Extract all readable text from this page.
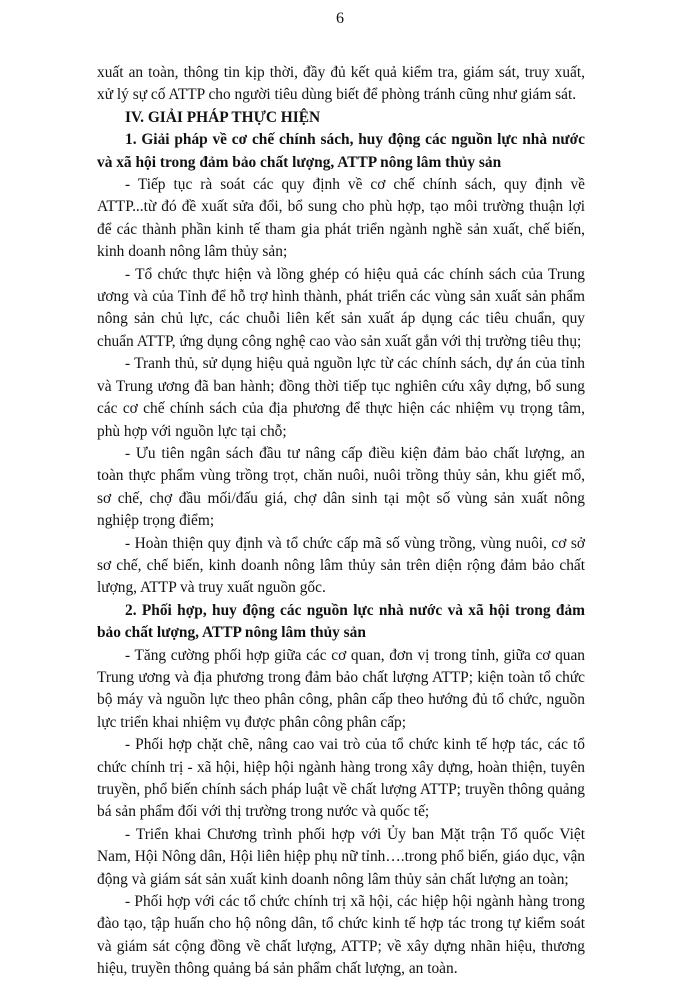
6

xuất an toàn, thông tin kịp thời, đầy đủ kết quả kiểm tra, giám sát, truy xuất, xử lý sự cố ATTP cho người tiêu dùng biết để phòng tránh cũng như giám sát.

IV. GIẢI PHÁP THỰC HIỆN

1. Giải pháp về cơ chế chính sách, huy động các nguồn lực nhà nước và xã hội trong đảm bảo chất lượng, ATTP nông lâm thủy sản

- Tiếp tục rà soát các quy định về cơ chế chính sách, quy định về ATTP...từ đó đề xuất sửa đổi, bổ sung cho phù hợp, tạo môi trường thuận lợi để các thành phần kinh tế tham gia phát triển ngành nghề sản xuất, chế biến, kinh doanh nông lâm thủy sản;

- Tổ chức thực hiện và lồng ghép có hiệu quả các chính sách của Trung ương và của Tỉnh để hỗ trợ hình thành, phát triển các vùng sản xuất sản phẩm nông sản chủ lực, các chuỗi liên kết sản xuất áp dụng các tiêu chuẩn, quy chuẩn ATTP, ứng dụng công nghệ cao vào sản xuất gắn với thị trường tiêu thụ;

- Tranh thủ, sử dụng hiệu quả nguồn lực từ các chính sách, dự án của tỉnh và Trung ương đã ban hành; đồng thời tiếp tục nghiên cứu xây dựng, bổ sung các cơ chế chính sách của địa phương để thực hiện các nhiệm vụ trọng tâm, phù hợp với nguồn lực tại chỗ;

- Ưu tiên ngân sách đầu tư nâng cấp điều kiện đảm bảo chất lượng, an toàn thực phẩm vùng trồng trọt, chăn nuôi, nuôi trồng thủy sản, khu giết mổ, sơ chế, chợ đầu mối/đấu giá, chợ dân sinh tại một số vùng sản xuất nông nghiệp trọng điểm;

- Hoàn thiện quy định và tổ chức cấp mã số vùng trồng, vùng nuôi, cơ sở sơ chế, chế biến, kinh doanh nông lâm thủy sản trên diện rộng đảm bảo chất lượng, ATTP và truy xuất nguồn gốc.

2. Phối hợp, huy động các nguồn lực nhà nước và xã hội trong đảm bảo chất lượng, ATTP nông lâm thủy sản

- Tăng cường phối hợp giữa các cơ quan, đơn vị trong tỉnh, giữa cơ quan Trung ương và địa phương trong đảm bảo chất lượng ATTP; kiện toàn tổ chức bộ máy và nguồn lực theo phân công, phân cấp theo hướng đủ tổ chức, nguồn lực triển khai nhiệm vụ được phân công phân cấp;

- Phối hợp chặt chẽ, nâng cao vai trò của tổ chức kinh tế hợp tác, các tổ chức chính trị - xã hội, hiệp hội ngành hàng trong xây dựng, hoàn thiện, tuyên truyền, phổ biến chính sách pháp luật về chất lượng ATTP; truyền thông quảng bá sản phẩm đối với thị trường trong nước và quốc tế;

- Triển khai Chương trình phối hợp với Ủy ban Mặt trận Tổ quốc Việt Nam, Hội Nông dân, Hội liên hiệp phụ nữ tỉnh….trong phổ biến, giáo dục, vận động và giám sát sản xuất kinh doanh nông lâm thủy sản chất lượng an toàn;

- Phối hợp với các tổ chức chính trị xã hội, các hiệp hội ngành hàng trong đào tạo, tập huấn cho hộ nông dân, tổ chức kinh tế hợp tác trong tự kiểm soát và giám sát cộng đồng về chất lượng, ATTP; về xây dựng nhãn hiệu, thương hiệu, truyền thông quảng bá sản phẩm chất lượng, an toàn.
